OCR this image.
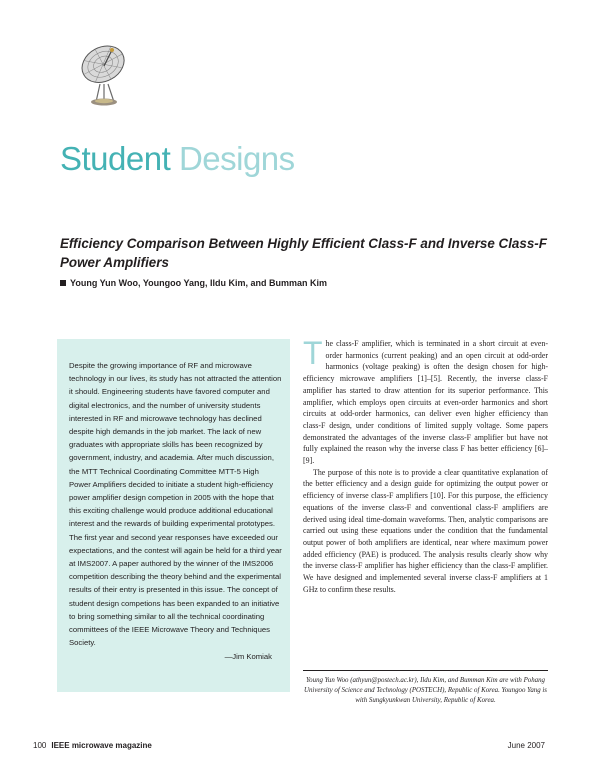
Student Designs
Efficiency Comparison Between Highly Efficient Class-F and Inverse Class-F Power Amplifiers
Young Yun Woo, Youngoo Yang, Ildu Kim, and Bumman Kim

Despite the growing importance of RF and microwave technology in our lives, its study has not attracted the attention it should. Engineering students have favored computer and digital electronics, and the number of university students interested in RF and microwave technology has declined despite high demands in the job market. The lack of new graduates with appropriate skills has been recognized by government, industry, and academia. After much discussion, the MTT Technical Coordinating Committee MTT-5 High Power Amplifiers decided to initiate a student high-efficiency power amplifier design competion in 2005 with the hope that this exciting challenge would produce additional educational interest and the rewards of building experimental prototypes. The first year and second year responses have exceeded our expectations, and the contest will again be held for a third year at IMS2007. A paper authored by the winner of the IMS2006 competition describing the theory behind and the experimental results of their entry is presented in this issue. The concept of student design competions has been expanded to an initiative to bring something similar to all the technical coordinating committees of the IEEE Microwave Theory and Techniques Society.

—Jim Komiak

The class-F amplifier, which is terminated in a short circuit at even-order harmonics (current peaking) and an open circuit at odd-order harmonics (voltage peaking) is often the design chosen for high-efficiency microwave amplifiers [1]–[5]. Recently, the inverse class-F amplifier has started to draw attention for its superior performance. This amplifier, which employs open circuits at even-order harmonics and short circuits at odd-order harmonics, can deliver even higher efficiency than class-F design, under conditions of limited supply voltage. Some papers demonstrated the advantages of the inverse class-F amplifier but have not fully explained the reason why the inverse class F has better efficiency [6]–[9].

The purpose of this note is to provide a clear quantitative explanation of the better efficiency and a design guide for optimizing the output power or efficiency of inverse class-F amplifiers [10]. For this purpose, the efficiency equations of the inverse class-F and conventional class-F amplifiers are derived using ideal time-domain waveforms. Then, analytic comparisons are carried out using these equations under the condition that the fundamental output power of both amplifiers are identical, near where maximum power added efficiency (PAE) is produced. The analysis results clearly show why the inverse class-F amplifier has higher efficiency than the class-F amplifier. We have designed and implemented several inverse class-F amplifiers at 1 GHz to confirm these results.

Young Yun Woo (athyun@postech.ac.kr), Ildu Kim, and Bumman Kim are with Pohang University of Science and Technology (POSTECH), Republic of Korea. Youngoo Yang is with Sungkyunkwan University, Republic of Korea.
100 IEEE microwave magazine	June 2007
